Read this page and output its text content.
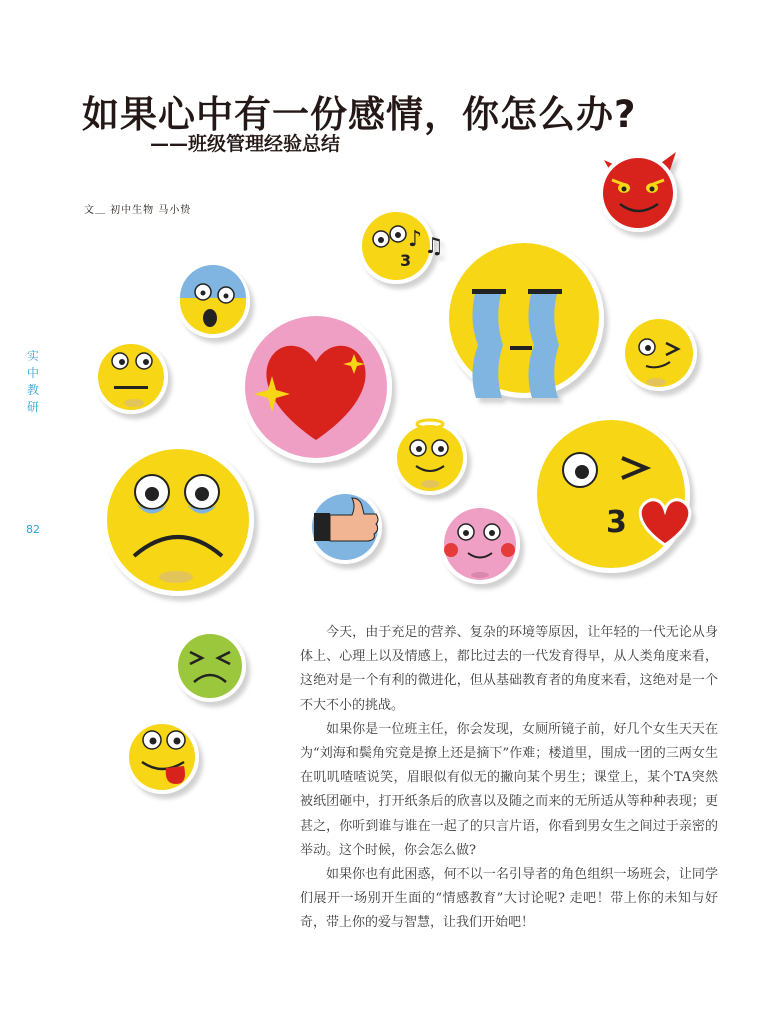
如果心中有一份感情，你怎么办?
——班级管理经验总结
文＿ 初中生物 马小贽
实
中
教
研
82
3
♪ ♫
3

今天，由于充足的营养、复杂的环境等原因，让年轻的一代无论从身体上、心理上以及情感上，都比过去的一代发育得早，从人类角度来看，这绝对是一个有利的微进化，但从基础教育者的角度来看，这绝对是一个不大不小的挑战。

如果你是一位班主任，你会发现，女厕所镜子前，好几个女生天天在为“刘海和鬓角究竟是撩上还是摘下”作难；楼道里，围成一团的三两女生在叽叽喳喳说笑，眉眼似有似无的撇向某个男生；课堂上，某个TA突然被纸团砸中，打开纸条后的欣喜以及随之而来的无所适从等种种表现；更甚之，你听到谁与谁在一起了的只言片语，你看到男女生之间过于亲密的举动。这个时候，你会怎么做?

如果你也有此困惑，何不以一名引导者的角色组织一场班会，让同学们展开一场别开生面的“情感教育”大讨论呢? 走吧！带上你的未知与好奇，带上你的爱与智慧，让我们开始吧！
